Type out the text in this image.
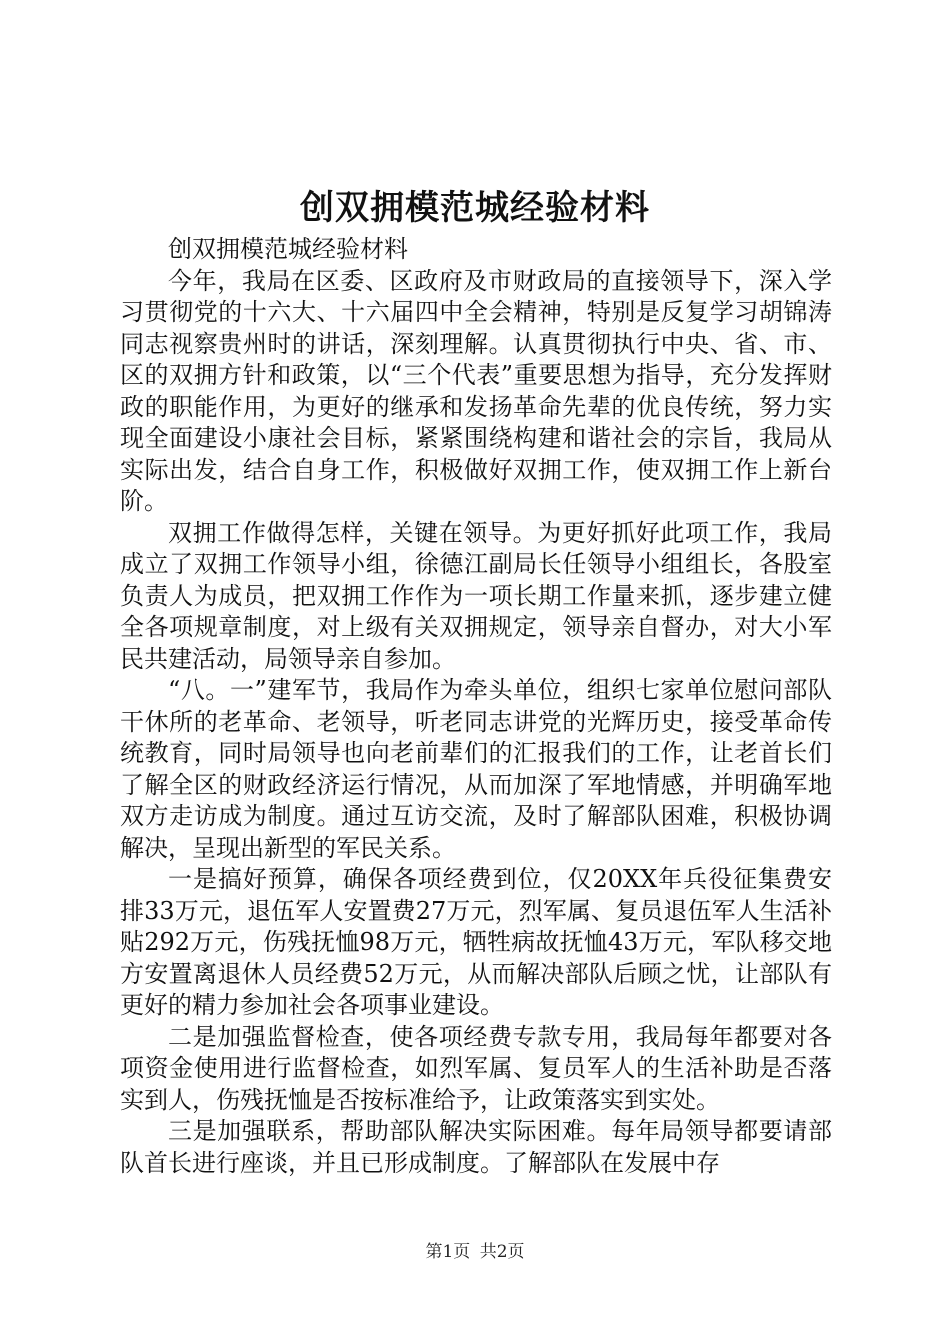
创双拥模范城经验材料

创双拥模范城经验材料

今年，我局在区委、区政府及市财政局的直接领导下，深入学习贯彻党的十六大、十六届四中全会精神，特别是反复学习胡锦涛同志视察贵州时的讲话，深刻理解。认真贯彻执行中央、省、市、区的双拥方针和政策，以“三个代表”重要思想为指导，充分发挥财政的职能作用，为更好的继承和发扬革命先辈的优良传统，努力实现全面建设小康社会目标，紧紧围绕构建和谐社会的宗旨，我局从实际出发，结合自身工作，积极做好双拥工作，使双拥工作上新台阶。

双拥工作做得怎样，关键在领导。为更好抓好此项工作，我局成立了双拥工作领导小组，徐德江副局长任领导小组组长，各股室负责人为成员，把双拥工作作为一项长期工作量来抓，逐步建立健全各项规章制度，对上级有关双拥规定，领导亲自督办，对大小军民共建活动，局领导亲自参加。

“八。一”建军节，我局作为牵头单位，组织七家单位慰问部队干休所的老革命、老领导，听老同志讲党的光辉历史，接受革命传统教育，同时局领导也向老前辈们的汇报我们的工作，让老首长们了解全区的财政经济运行情况，从而加深了军地情感，并明确军地双方走访成为制度。通过互访交流，及时了解部队困难，积极协调解决，呈现出新型的军民关系。

一是搞好预算，确保各项经费到位，仅20XX年兵役征集费安排33万元，退伍军人安置费27万元，烈军属、复员退伍军人生活补贴292万元，伤残抚恤98万元，牺牲病故抚恤43万元，军队移交地方安置离退休人员经费52万元，从而解决部队后顾之忧，让部队有更好的精力参加社会各项事业建设。

二是加强监督检查，使各项经费专款专用，我局每年都要对各项资金使用进行监督检查，如烈军属、复员军人的生活补助是否落实到人，伤残抚恤是否按标准给予，让政策落实到实处。

三是加强联系，帮助部队解决实际困难。每年局领导都要请部队首长进行座谈，并且已形成制度。了解部队在发展中存

第1页 共2页
